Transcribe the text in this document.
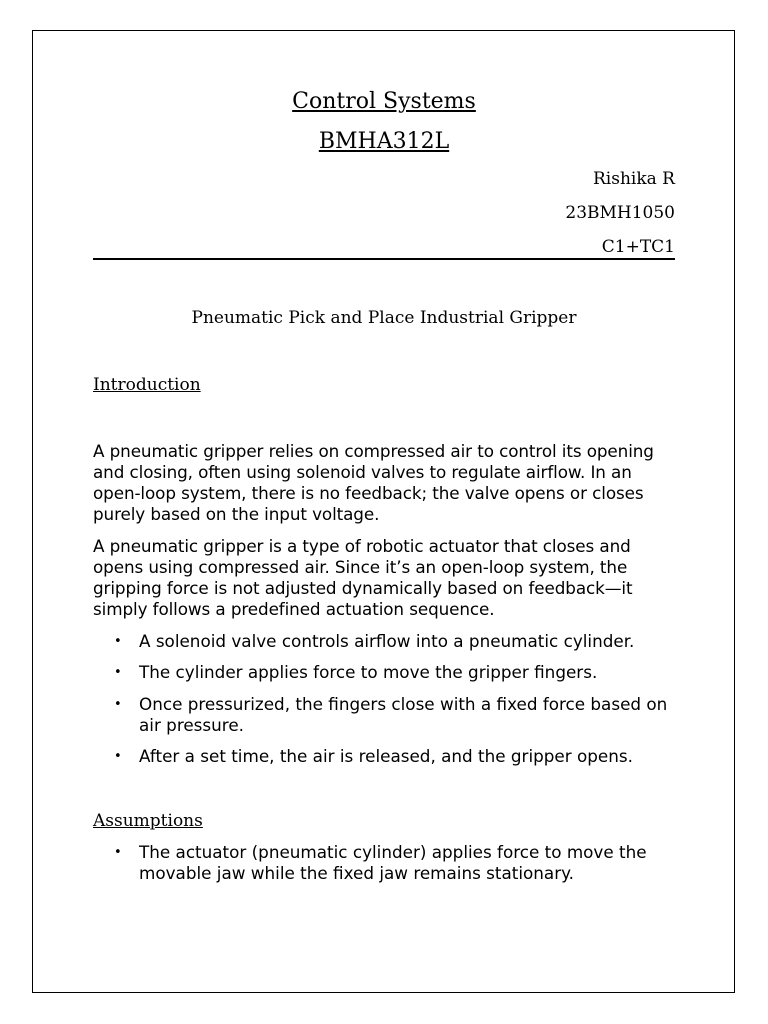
Control Systems
BMHA312L
Rishika R
23BMH1050
C1+TC1
Pneumatic Pick and Place Industrial Gripper
Introduction
A pneumatic gripper relies on compressed air to control its opening and closing, often using solenoid valves to regulate airflow. In an open-loop system, there is no feedback; the valve opens or closes purely based on the input voltage.
A pneumatic gripper is a type of robotic actuator that closes and opens using compressed air. Since it’s an open-loop system, the gripping force is not adjusted dynamically based on feedback—it simply follows a predefined actuation sequence.
• A solenoid valve controls airflow into a pneumatic cylinder.
• The cylinder applies force to move the gripper fingers.
• Once pressurized, the fingers close with a fixed force based on air pressure.
• After a set time, the air is released, and the gripper opens.
Assumptions
• The actuator (pneumatic cylinder) applies force to move the movable jaw while the fixed jaw remains stationary.
